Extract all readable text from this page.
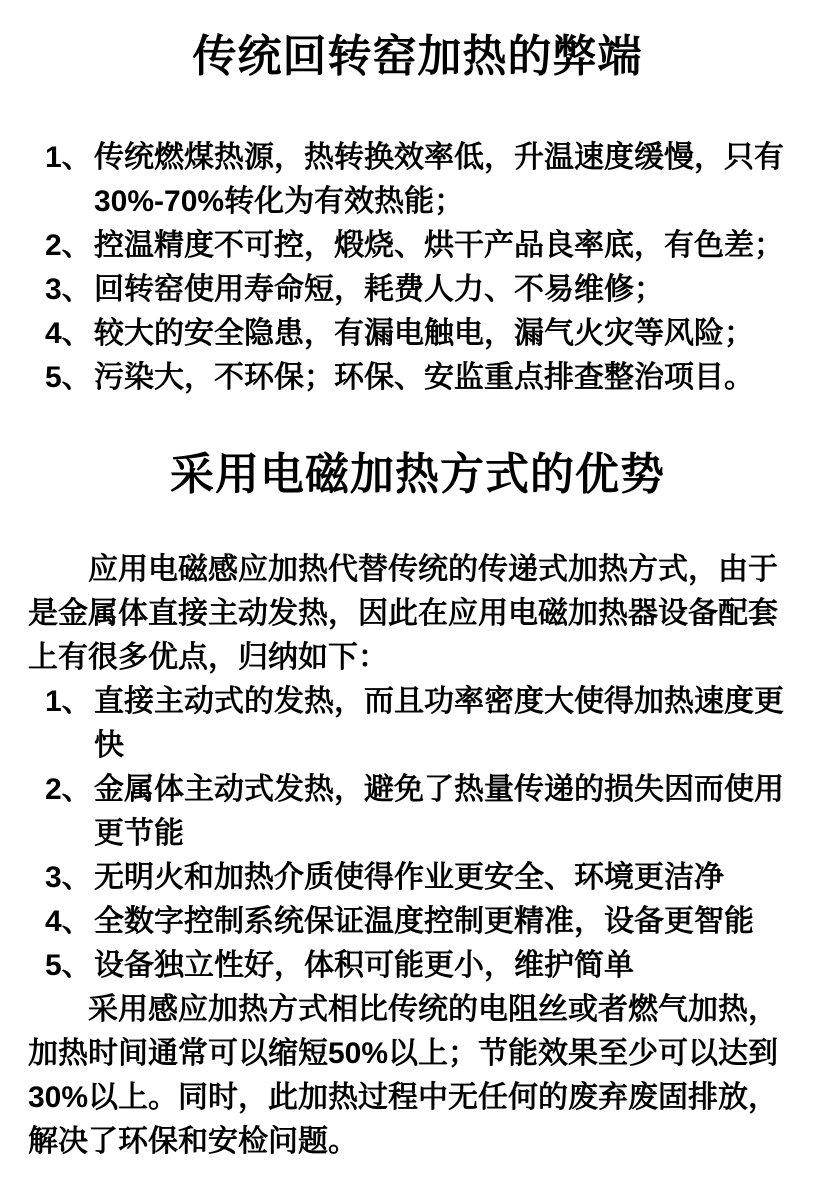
传统回转窑加热的弊端
1、 传统燃煤热源，热转换效率低，升温速度缓慢，只有30%-70%转化为有效热能；
2、 控温精度不可控，煅烧、烘干产品良率底，有色差；
3、 回转窑使用寿命短，耗费人力、不易维修；
4、 较大的安全隐患，有漏电触电，漏气火灾等风险；
5、 污染大，不环保；环保、安监重点排查整治项目。
采用电磁加热方式的优势

应用电磁感应加热代替传统的传递式加热方式，由于是金属体直接主动发热，因此在应用电磁加热器设备配套上有很多优点，归纳如下：

1、 直接主动式的发热，而且功率密度大使得加热速度更快
2、 金属体主动式发热，避免了热量传递的损失因而使用更节能
3、 无明火和加热介质使得作业更安全、环境更洁净
4、 全数字控制系统保证温度控制更精准，设备更智能
5、 设备独立性好，体积可能更小，维护简单

采用感应加热方式相比传统的电阻丝或者燃气加热，加热时间通常可以缩短50%以上；节能效果至少可以达到30%以上。同时，此加热过程中无任何的废弃废固排放，解决了环保和安检问题。
